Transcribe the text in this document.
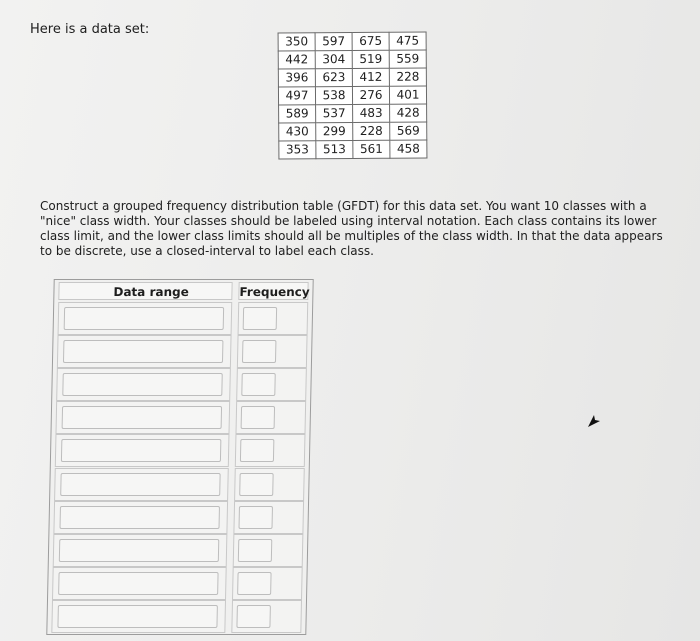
Here is a data set:

350	597	675	475
442	304	519	559
396	623	412	228
497	538	276	401
589	537	483	428
430	299	228	569
353	513	561	458

Construct a grouped frequency distribution table (GFDT) for this data set. You want 10 classes with a "nice" class width. Your classes should be labeled using interval notation. Each class contains its lower class limit, and the lower class limits should all be multiples of the class width. In that the data appears to be discrete, use a closed-interval to label each class.

Data range	Frequency
